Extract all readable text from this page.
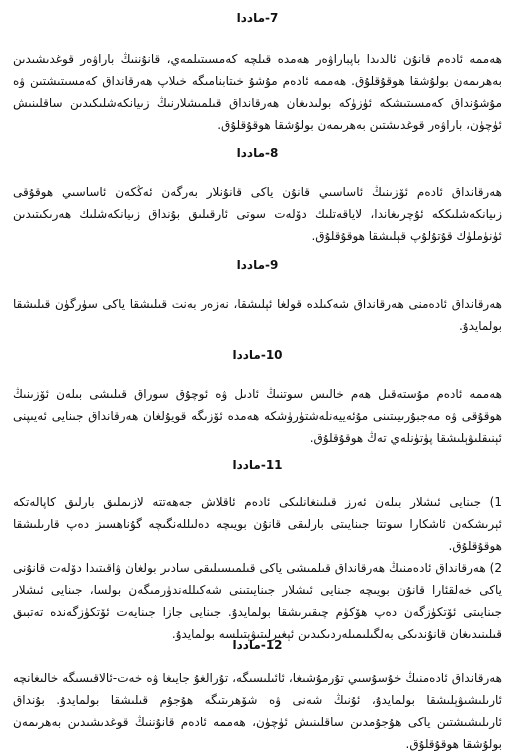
7-ماددا

ھەممە ئادەم قانۇن ئالدىدا باپباراۋەر ھەمدە قىلچە كەمسىتىلمەي، قانۇننىڭ باراۋەر قوغدىشىدىن بەھرىمەن بولۇشقا ھوقۇقلۇق. ھەممە ئادەم مۇشۇ خىتابنامىگە خىلاپ ھەرقانداق كەمسىتىشتىن ۋە مۇشۇنداق كەمسىتىشكە ئۈزۈكە بولىدىغان ھەرقانداق قىلمىشلارنىڭ زىيانكەشلىكىدىن ساقلىنىش ئۈچۈن، باراۋەر قوغدىشتىن بەھرىمەن بولۇشقا ھوقۇقلۇق.

8-ماددا

ھەرقانداق ئادەم ئۆزىنىڭ ئاساسىي قانۇن ياكى قانۇنلار بەرگەن ئەڭكەن ئاساسىي ھوقۇقى زىيانكەشلىككە ئۇچرىغاندا، لاياقەتلىك دۆلەت سوتى ئارقىلىق بۇنداق زىيانكەشلىك ھەرىكىتىدىن ئۈنۈملۈك قۇتۇلۇپ قېلىشقا ھوقۇقلۇق.

9-ماددا

ھەرقانداق ئادەمنى ھەرقانداق شەكىلدە قولغا ئېلىشقا، نەزەر بەنت قىلىشقا ياكى سۈرگۈن قىلىشقا بولمايدۇ.

10-ماددا

ھەممە ئادەم مۇستەقىل ھەم خالىس سوتنىڭ ئادىل ۋە ئوچۇق سوراق قىلىشى بىلەن ئۆزىنىڭ ھوقۇقى ۋە مەجبۇرىيىتىنى مۇئەييەنلەشتۈرۈشكە ھەمدە ئۆزىگە قويۇلغان ھەرقانداق جىنايى ئەيىپنى ئېنىقلىۋېلىشقا پۈتۈنلەي تەڭ ھوقۇقلۇق.

11-ماددا

1) جىنايى ئىشلار بىلەن ئەرز قىلىنغانلىكى ئادەم ئاقلاش جەھەتتە لازىملىق بارلىق كاپالەتكە ئېرىشكەن ئاشكارا سوتتا جىنايىتى بارلىقى قانۇن بويىچە دەلىللەنگىچە گۇناھسىز دەپ قارىلىشقا ھوقۇقلۇق.

2) ھەرقانداق ئادەمنىڭ ھەرقانداق قىلمىشى ياكى قىلمىسىلىقى سادىر بولغان ۋاقىتىدا دۆلەت قانۇنى ياكى خەلقئارا قانۇن بويىچە جىنايى ئىشلار جىنايىتىنى شەكىللەندۈرمىگەن بولسا، جىنايى ئىشلار جىنايىتى ئۆتكۈزگەن دەپ ھۆكۈم چىقىرىشقا بولمايدۇ. جىنايى جازا جىنايەت ئۆتكۈزگەندە تەتبىق قىلىنىدىغان قانۇندىكى بەلگىلىمىلەردىكىدىن ئېغىرلىتىۋېتىلسە بولمايدۇ.

12-ماددا

ھەرقانداق ئادەمنىڭ خۇسۇسىي تۇرمۇشىغا، ئائىلىسىگە، تۇرالغۇ جايىغا ۋە خەت-ئالاقىسىگە خالىغانچە ئارىلىشىۋېلىشقا بولمايدۇ، ئۇنىڭ شەنى ۋە شۆھرىتىگە ھۇجۇم قىلىشقا بولمايدۇ. بۇنداق ئارىلىشىشتىن ياكى ھۇجۇمدىن ساقلىنىش ئۈچۈن، ھەممە ئادەم قانۇننىڭ قوغدىشىدىن بەھرىمەن بولۇشقا ھوقۇقلۇق.
